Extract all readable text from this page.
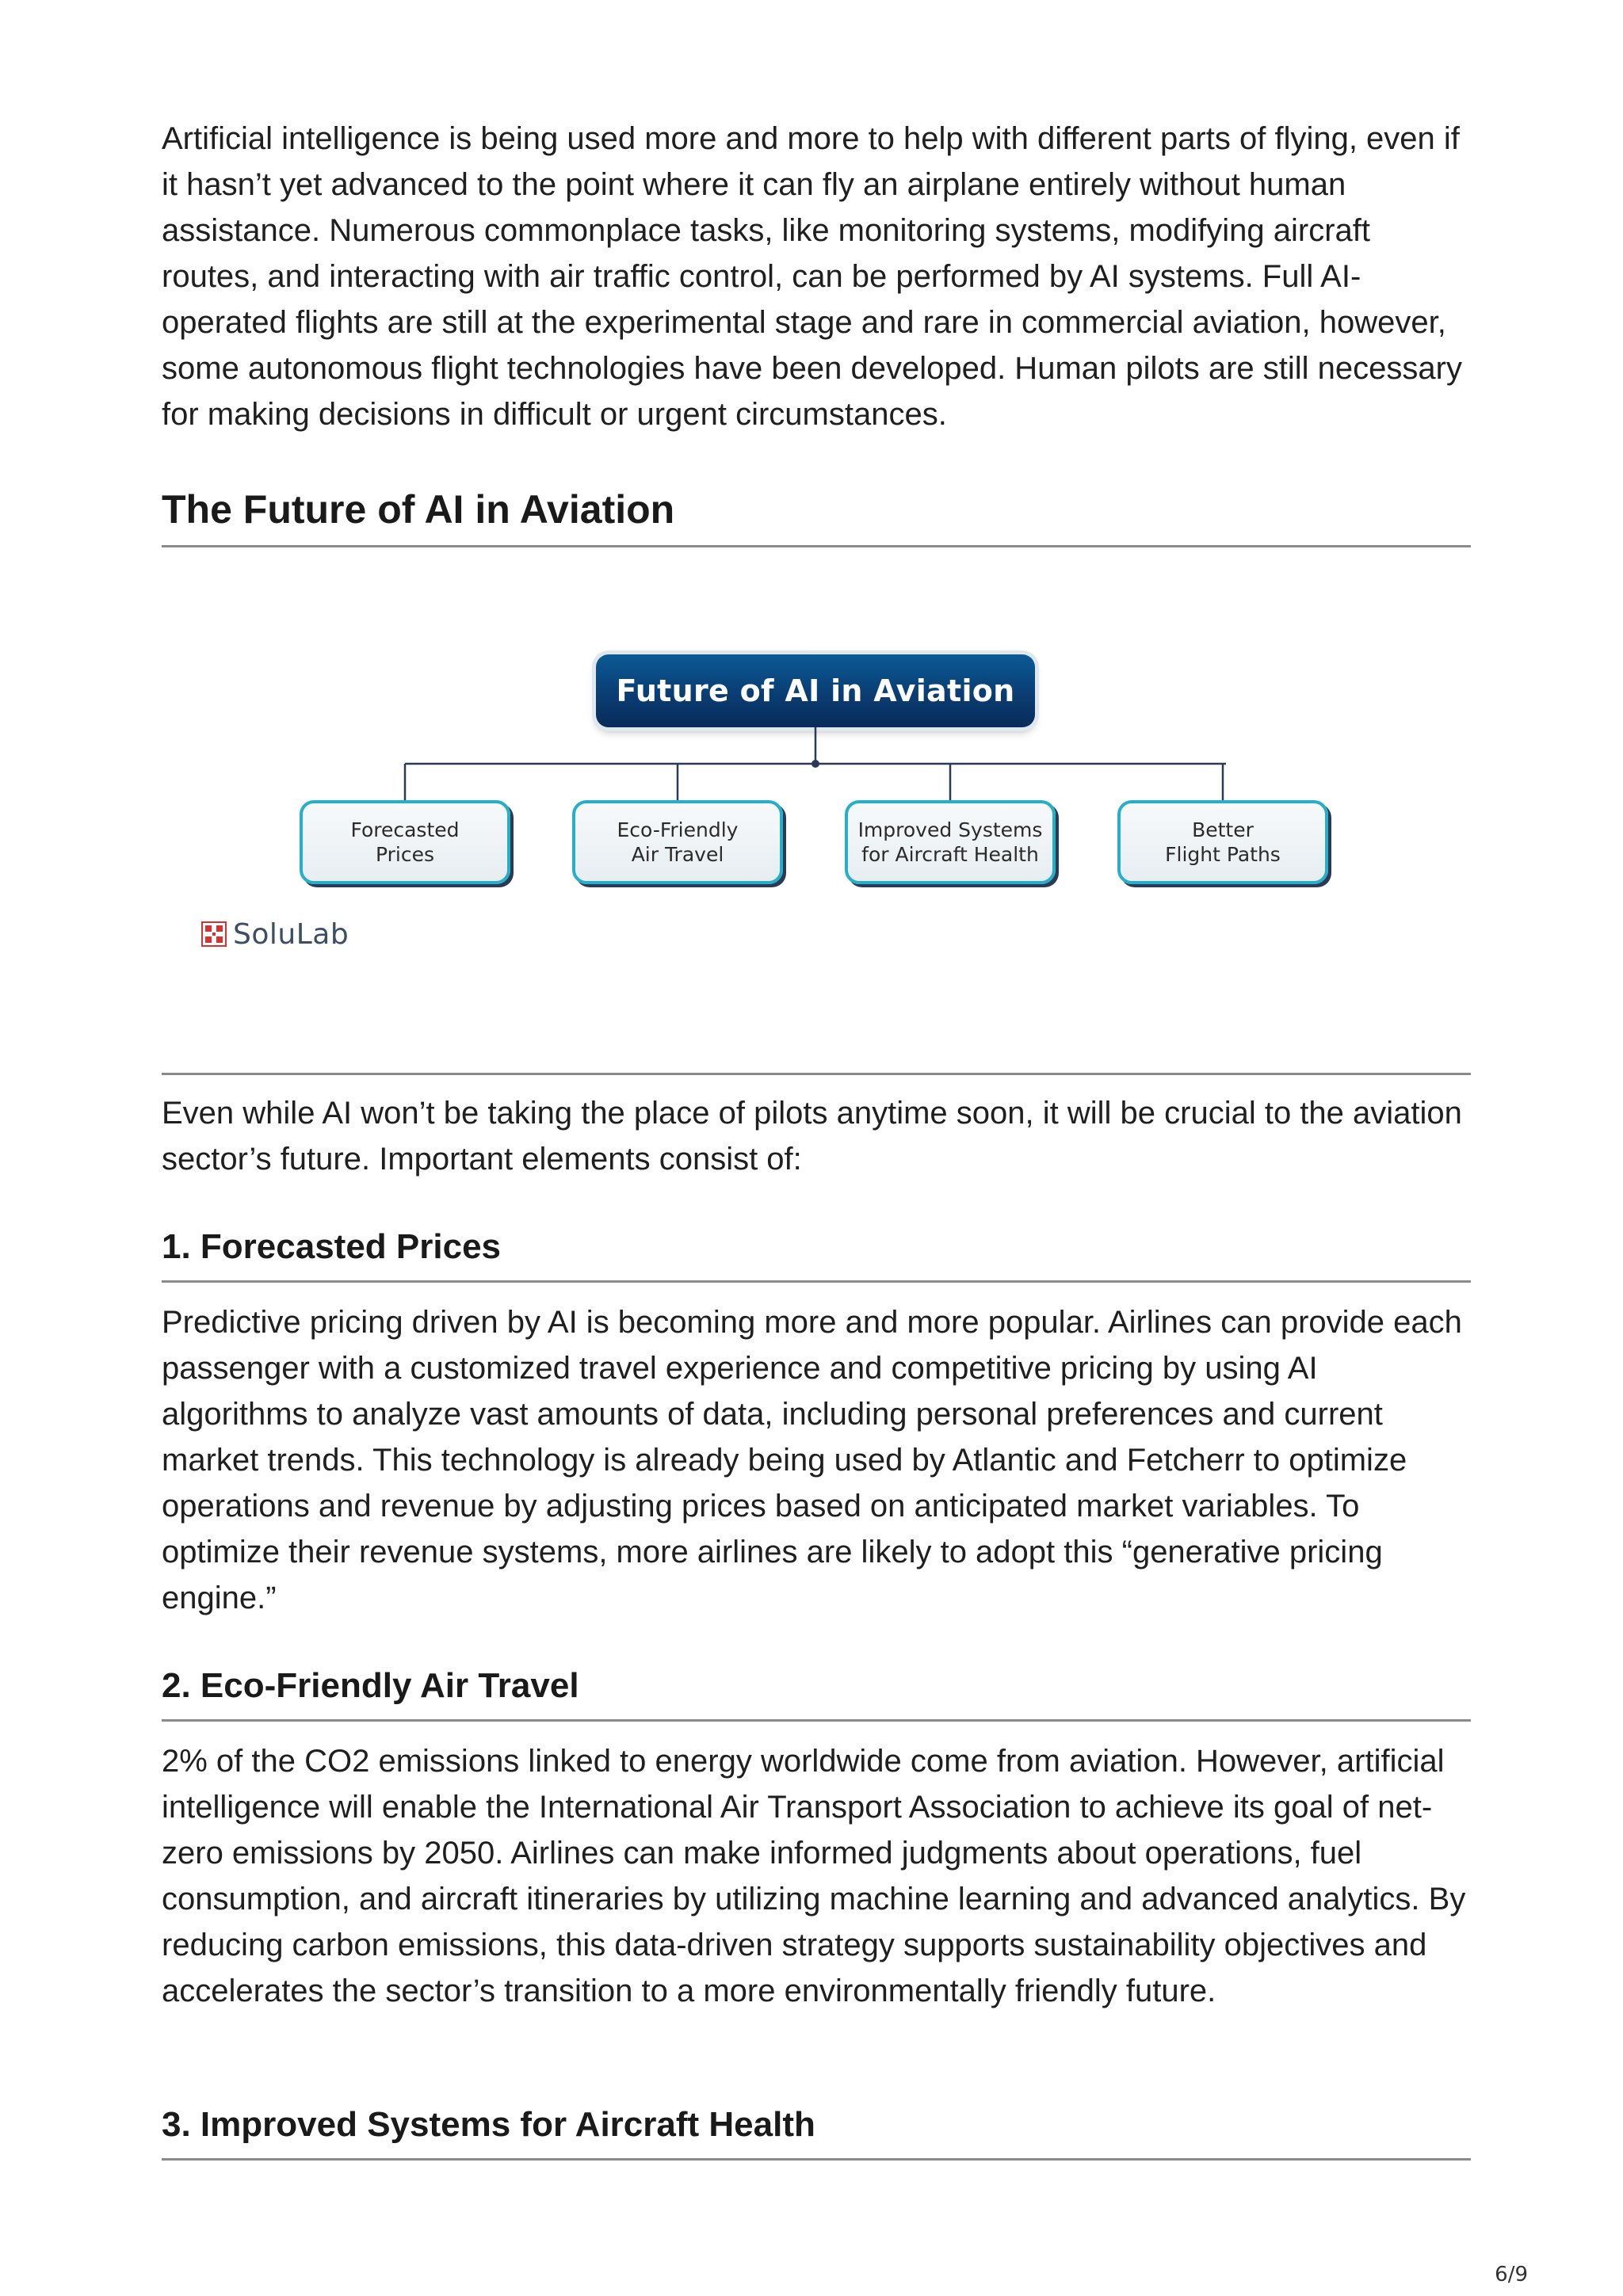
Artificial intelligence is being used more and more to help with different parts of flying, even if it hasn’t yet advanced to the point where it can fly an airplane entirely without human assistance. Numerous commonplace tasks, like monitoring systems, modifying aircraft routes, and interacting with air traffic control, can be performed by AI systems. Full AI-operated flights are still at the experimental stage and rare in commercial aviation, however, some autonomous flight technologies have been developed. Human pilots are still necessary for making decisions in difficult or urgent circumstances.

The Future of AI in Aviation

Even while AI won’t be taking the place of pilots anytime soon, it will be crucial to the aviation sector’s future. Important elements consist of:

1. Forecasted Prices

Predictive pricing driven by AI is becoming more and more popular. Airlines can provide each passenger with a customized travel experience and competitive pricing by using AI algorithms to analyze vast amounts of data, including personal preferences and current market trends. This technology is already being used by Atlantic and Fetcherr to optimize operations and revenue by adjusting prices based on anticipated market variables. To optimize their revenue systems, more airlines are likely to adopt this “generative pricing engine.”

2. Eco-Friendly Air Travel

2% of the CO2 emissions linked to energy worldwide come from aviation. However, artificial intelligence will enable the International Air Transport Association to achieve its goal of net-zero emissions by 2050. Airlines can make informed judgments about operations, fuel consumption, and aircraft itineraries by utilizing machine learning and advanced analytics. By reducing carbon emissions, this data-driven strategy supports sustainability objectives and accelerates the sector’s transition to a more environmentally friendly future.

3. Improved Systems for Aircraft Health
Future of AI in Aviation
Forecasted
Prices
Eco-Friendly
Air Travel
Improved Systems
for Aircraft Health
Better
Flight Paths
SoluLab
6/9
